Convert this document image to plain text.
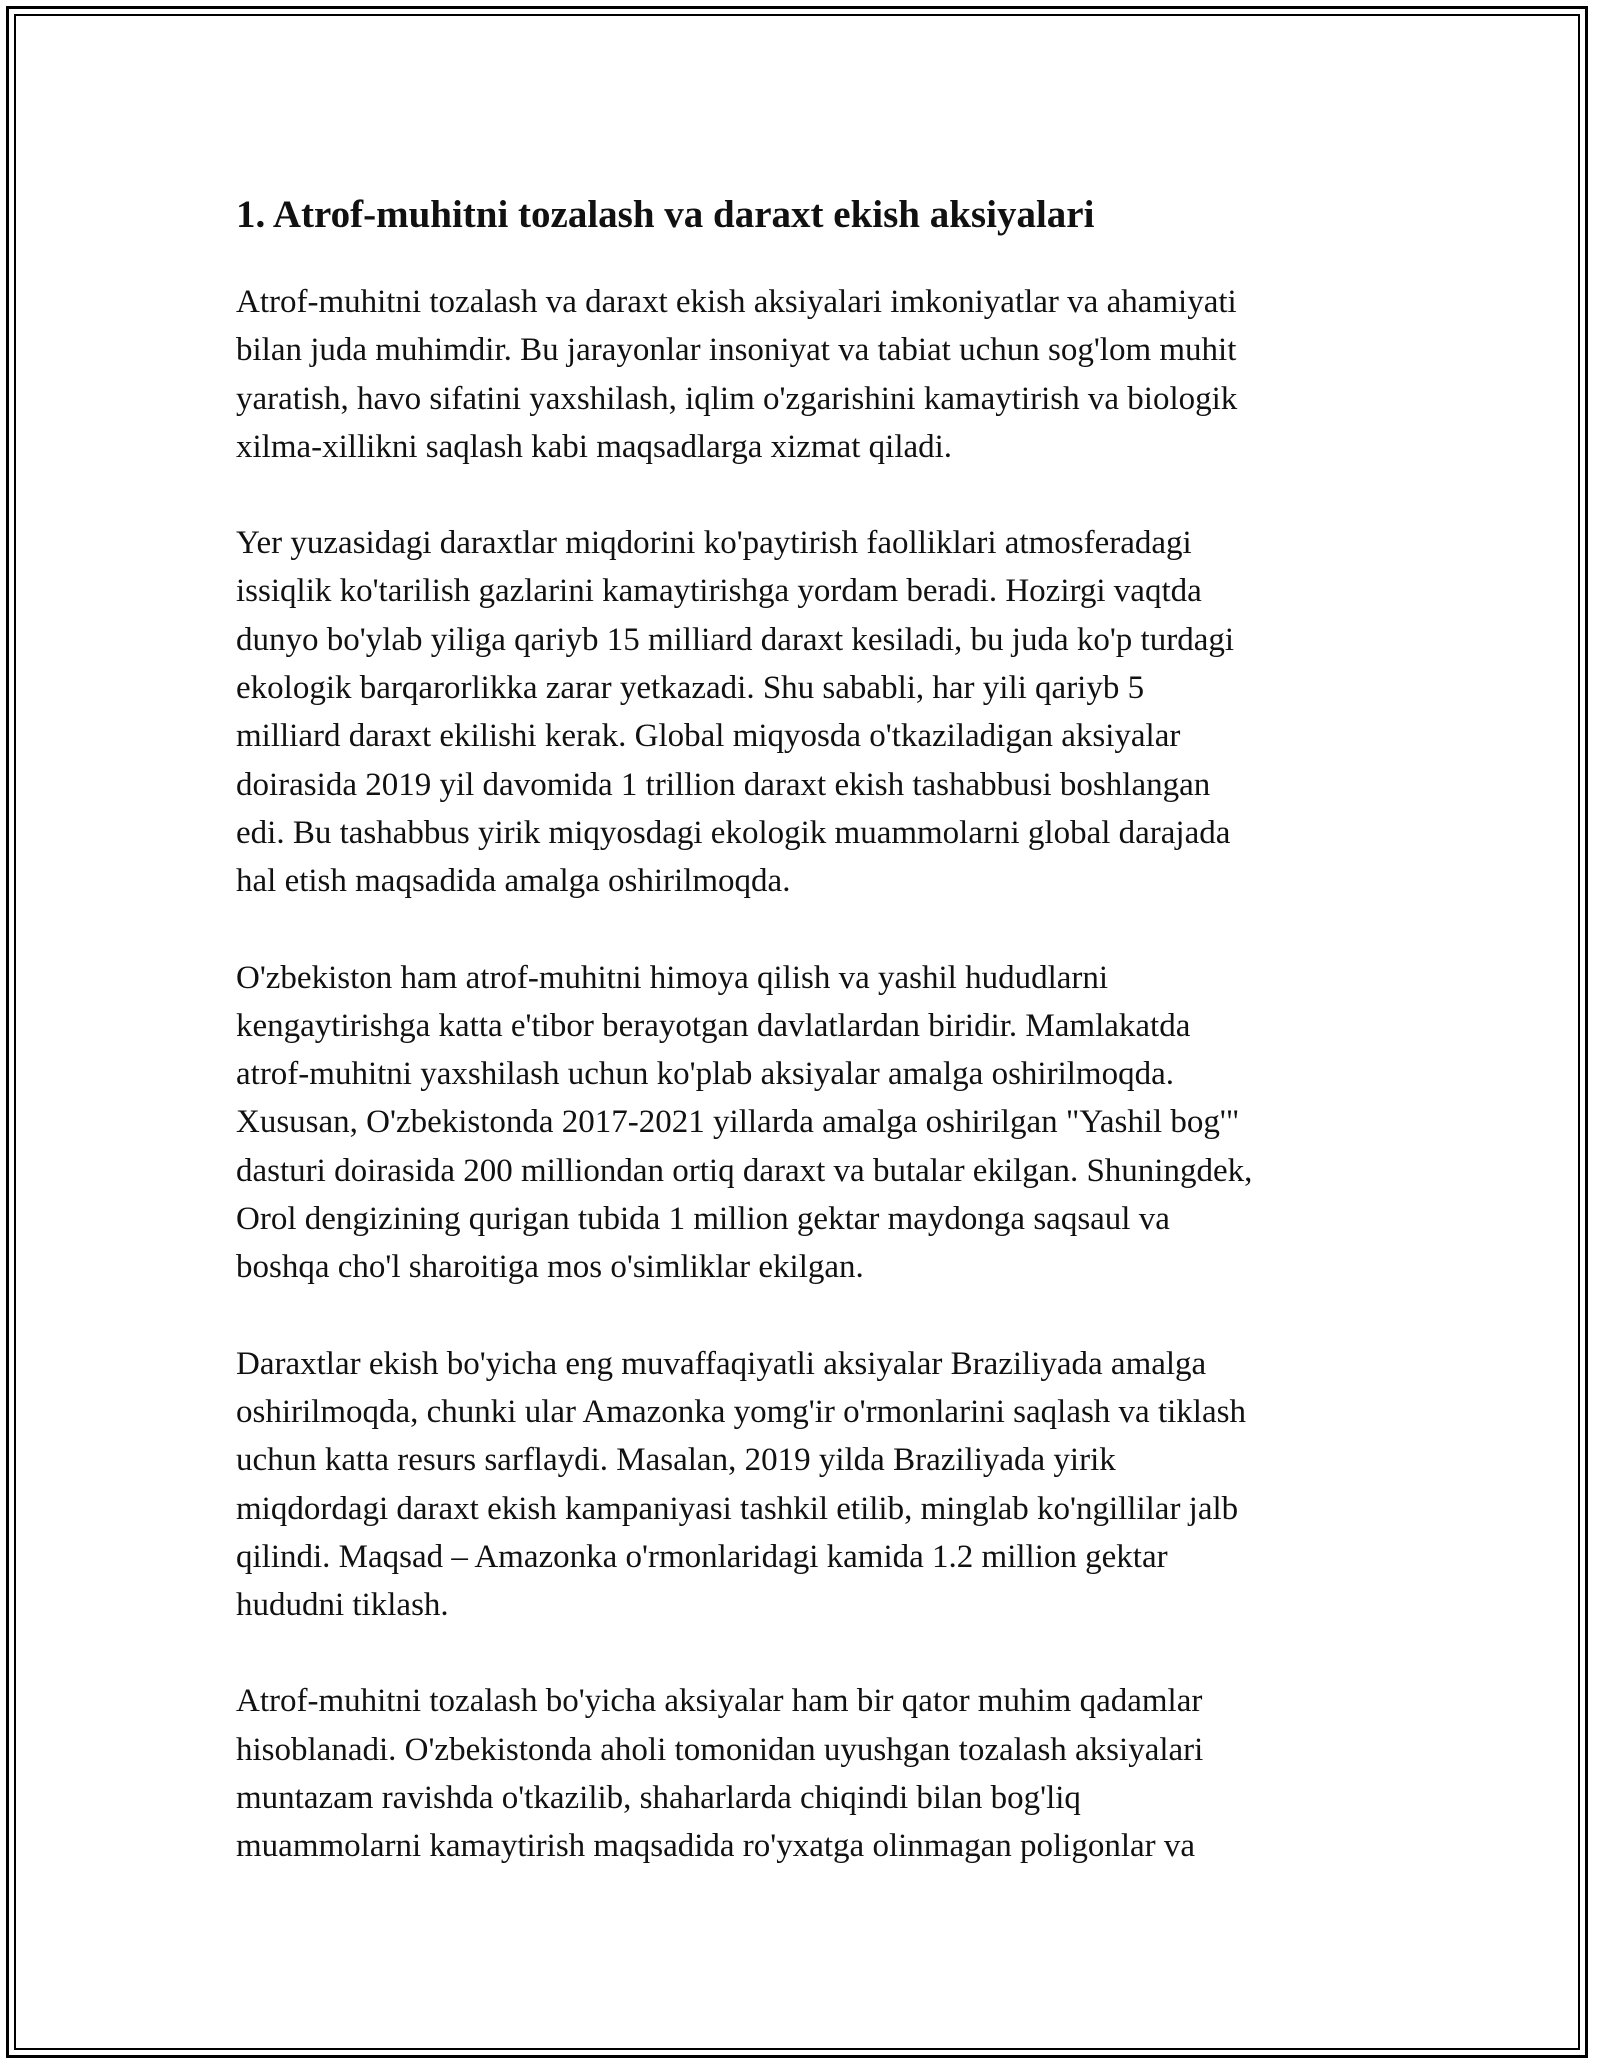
1. Atrof-muhitni tozalash va daraxt ekish aksiyalari

Atrof-muhitni tozalash va daraxt ekish aksiyalari imkoniyatlar va ahamiyati
bilan juda muhimdir. Bu jarayonlar insoniyat va tabiat uchun sog'lom muhit
yaratish, havo sifatini yaxshilash, iqlim o'zgarishini kamaytirish va biologik
xilma-xillikni saqlash kabi maqsadlarga xizmat qiladi.

Yer yuzasidagi daraxtlar miqdorini ko'paytirish faolliklari atmosferadagi
issiqlik ko'tarilish gazlarini kamaytirishga yordam beradi. Hozirgi vaqtda
dunyo bo'ylab yiliga qariyb 15 milliard daraxt kesiladi, bu juda ko'p turdagi
ekologik barqarorlikka zarar yetkazadi. Shu sababli, har yili qariyb 5
milliard daraxt ekilishi kerak. Global miqyosda o'tkaziladigan aksiyalar
doirasida 2019 yil davomida 1 trillion daraxt ekish tashabbusi boshlangan
edi. Bu tashabbus yirik miqyosdagi ekologik muammolarni global darajada
hal etish maqsadida amalga oshirilmoqda.

O'zbekiston ham atrof-muhitni himoya qilish va yashil hududlarni
kengaytirishga katta e'tibor berayotgan davlatlardan biridir. Mamlakatda
atrof-muhitni yaxshilash uchun ko'plab aksiyalar amalga oshirilmoqda.
Xususan, O'zbekistonda 2017-2021 yillarda amalga oshirilgan "Yashil bog'"
dasturi doirasida 200 milliondan ortiq daraxt va butalar ekilgan. Shuningdek,
Orol dengizining qurigan tubida 1 million gektar maydonga saqsaul va
boshqa cho'l sharoitiga mos o'simliklar ekilgan.

Daraxtlar ekish bo'yicha eng muvaffaqiyatli aksiyalar Braziliyada amalga
oshirilmoqda, chunki ular Amazonka yomg'ir o'rmonlarini saqlash va tiklash
uchun katta resurs sarflaydi. Masalan, 2019 yilda Braziliyada yirik
miqdordagi daraxt ekish kampaniyasi tashkil etilib, minglab ko'ngillilar jalb
qilindi. Maqsad – Amazonka o'rmonlaridagi kamida 1.2 million gektar
hududni tiklash.

Atrof-muhitni tozalash bo'yicha aksiyalar ham bir qator muhim qadamlar
hisoblanadi. O'zbekistonda aholi tomonidan uyushgan tozalash aksiyalari
muntazam ravishda o'tkazilib, shaharlarda chiqindi bilan bog'liq
muammolarni kamaytirish maqsadida ro'yxatga olinmagan poligonlar va
